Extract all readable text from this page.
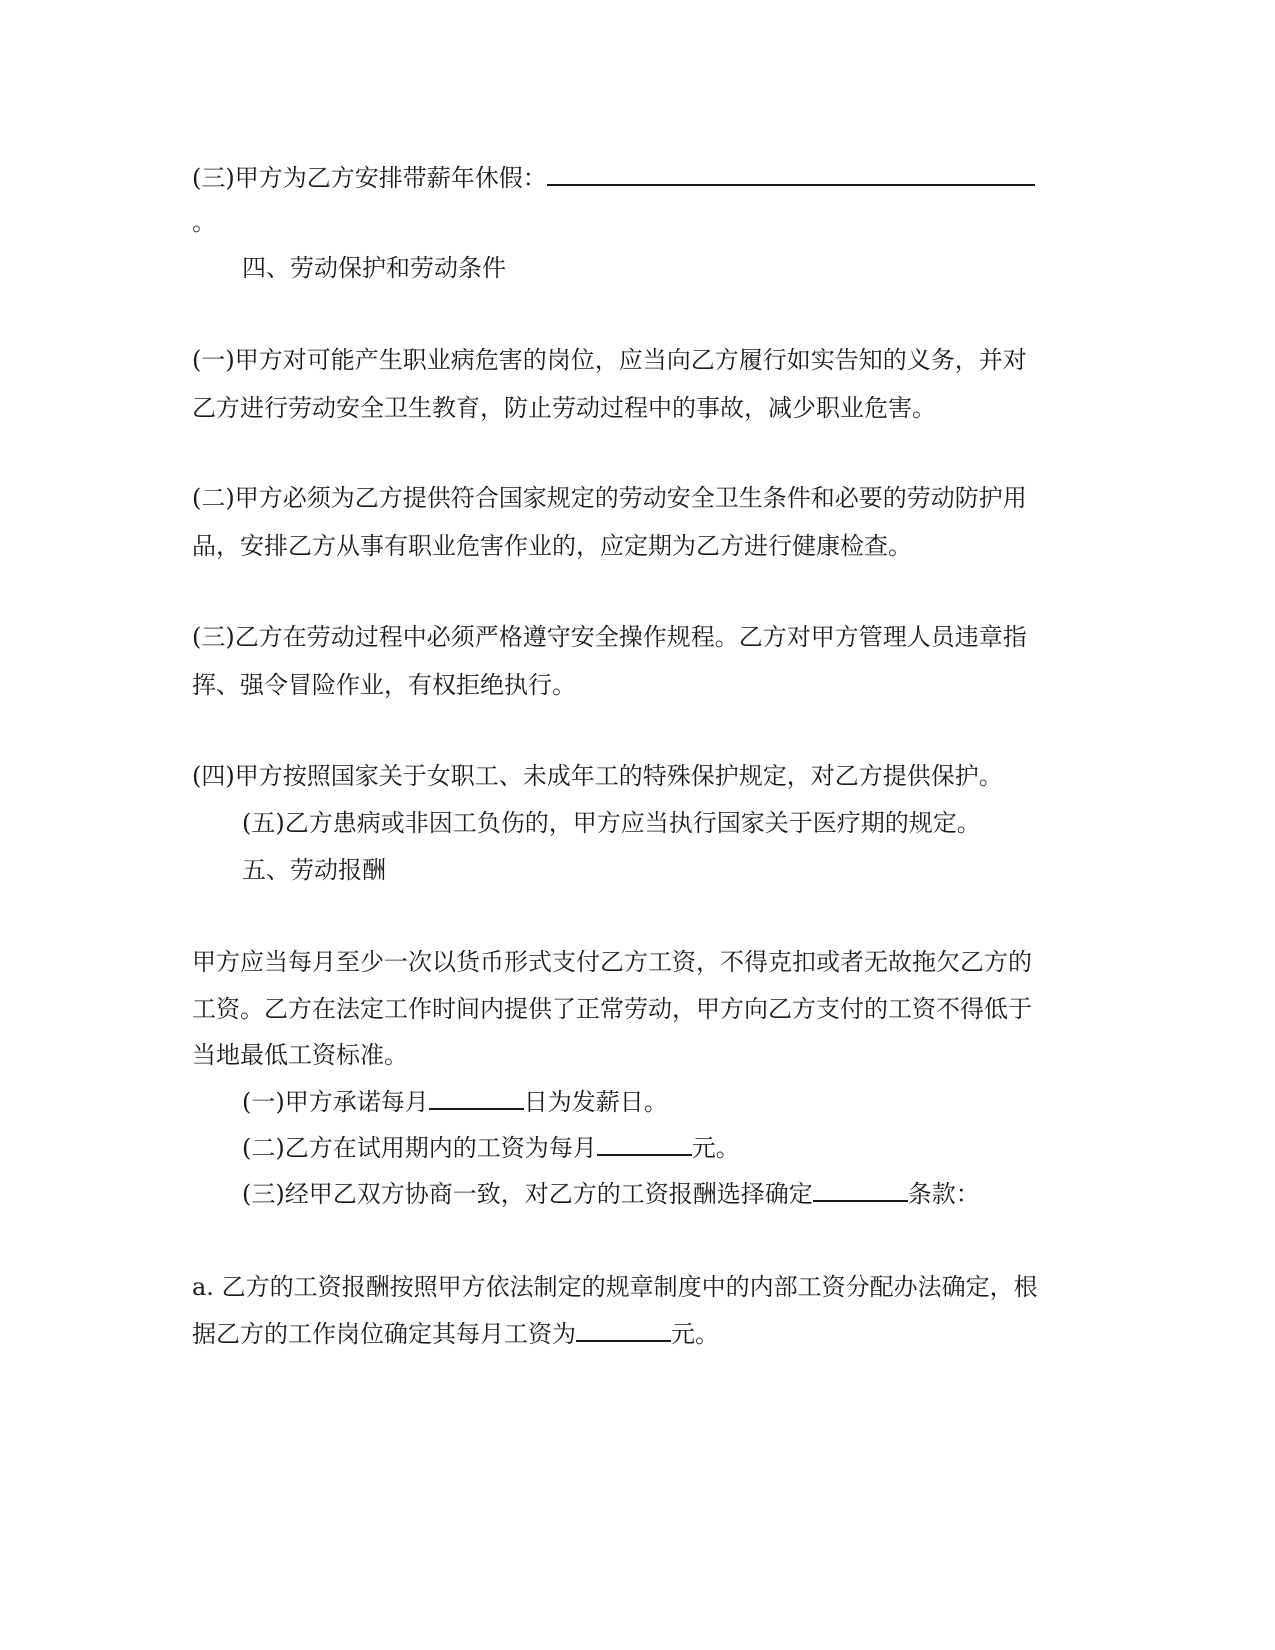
(三)甲方为乙方安排带薪年休假：
。
四、劳动保护和劳动条件
(一)甲方对可能产生职业病危害的岗位，应当向乙方履行如实告知的义务，并对
乙方进行劳动安全卫生教育，防止劳动过程中的事故，减少职业危害。
(二)甲方必须为乙方提供符合国家规定的劳动安全卫生条件和必要的劳动防护用
品，安排乙方从事有职业危害作业的，应定期为乙方进行健康检查。
(三)乙方在劳动过程中必须严格遵守安全操作规程。乙方对甲方管理人员违章指
挥、强令冒险作业，有权拒绝执行。
(四)甲方按照国家关于女职工、未成年工的特殊保护规定，对乙方提供保护。
(五)乙方患病或非因工负伤的，甲方应当执行国家关于医疗期的规定。
五、劳动报酬
甲方应当每月至少一次以货币形式支付乙方工资，不得克扣或者无故拖欠乙方的
工资。乙方在法定工作时间内提供了正常劳动，甲方向乙方支付的工资不得低于
当地最低工资标准。
(一)甲方承诺每月	日为发薪日。
(二)乙方在试用期内的工资为每月	元。
(三)经甲乙双方协商一致，对乙方的工资报酬选择确定	条款：
a. 乙方的工资报酬按照甲方依法制定的规章制度中的内部工资分配办法确定，根
据乙方的工作岗位确定其每月工资为	元。
